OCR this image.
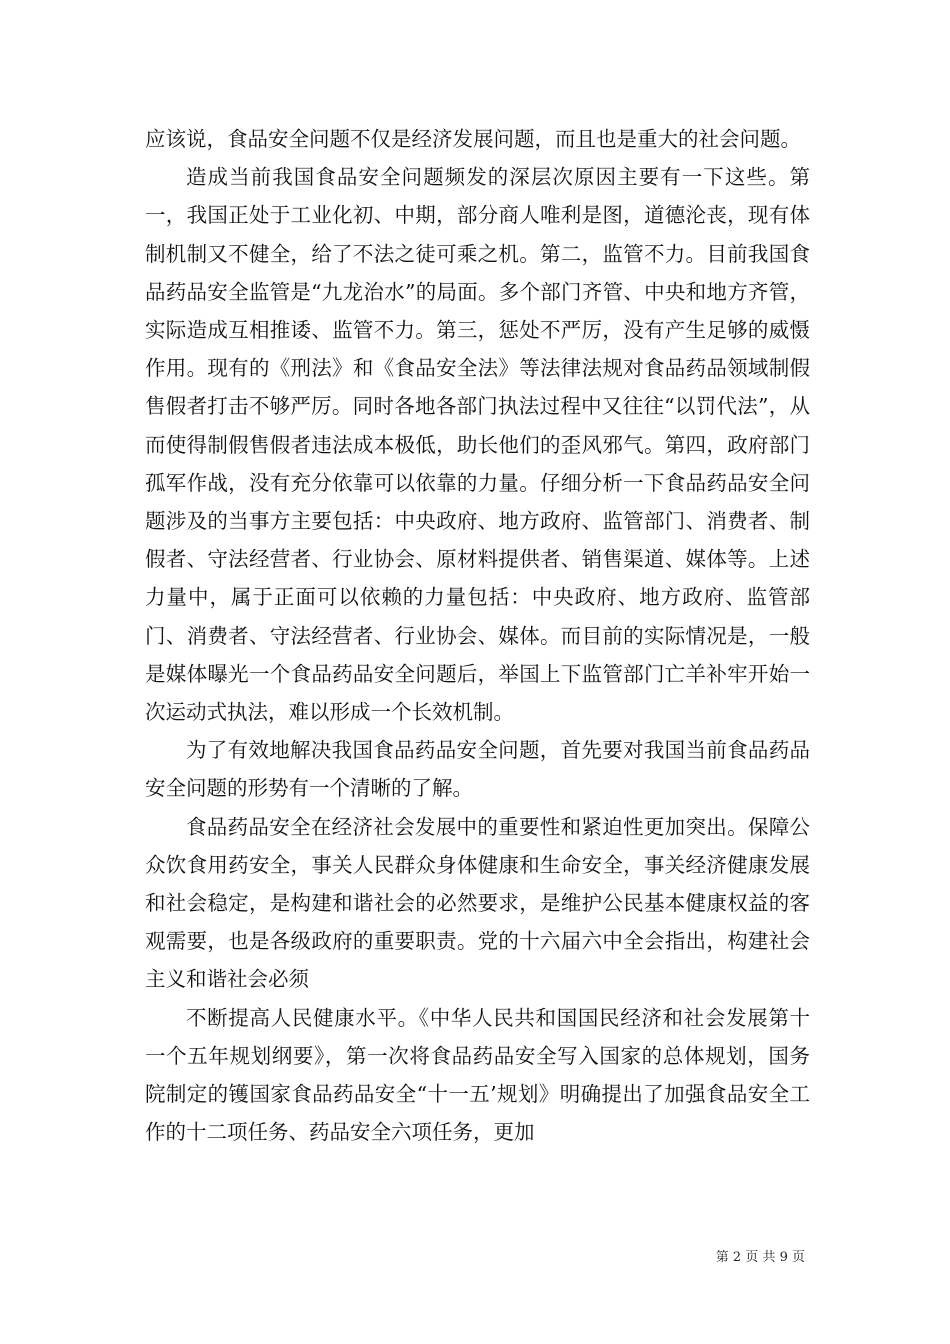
应该说，食品安全问题不仅是经济发展问题，而且也是重大的社会问题。

造成当前我国食品安全问题频发的深层次原因主要有一下这些。第一，我国正处于工业化初、中期，部分商人唯利是图，道德沦丧，现有体制机制又不健全，给了不法之徒可乘之机。第二，监管不力。目前我国食品药品安全监管是“九龙治水”的局面。多个部门齐管、中央和地方齐管，实际造成互相推诿、监管不力。第三，惩处不严厉，没有产生足够的威慑作用。现有的《刑法》和《食品安全法》等法律法规对食品药品领域制假售假者打击不够严厉。同时各地各部门执法过程中又往往“以罚代法”，从而使得制假售假者违法成本极低，助长他们的歪风邪气。第四，政府部门孤军作战，没有充分依靠可以依靠的力量。仔细分析一下食品药品安全问题涉及的当事方主要包括：中央政府、地方政府、监管部门、消费者、制假者、守法经营者、行业协会、原材料提供者、销售渠道、媒体等。上述力量中，属于正面可以依赖的力量包括：中央政府、地方政府、监管部门、消费者、守法经营者、行业协会、媒体。而目前的实际情况是，一般是媒体曝光一个食品药品安全问题后，举国上下监管部门亡羊补牢开始一次运动式执法，难以形成一个长效机制。

为了有效地解决我国食品药品安全问题，首先要对我国当前食品药品安全问题的形势有一个清晰的了解。

食品药品安全在经济社会发展中的重要性和紧迫性更加突出。保障公众饮食用药安全，事关人民群众身体健康和生命安全，事关经济健康发展和社会稳定，是构建和谐社会的必然要求，是维护公民基本健康权益的客观需要，也是各级政府的重要职责。党的十六届六中全会指出，构建社会主义和谐社会必须

不断提高人民健康水平。《中华人民共和国国民经济和社会发展第十一个五年规划纲要》，第一次将食品药品安全写入国家的总体规划，国务院制定的镬国家食品药品安全“十一五’规划》明确提出了加强食品安全工作的十二项任务、药品安全六项任务，更加

第 2 页 共 9 页
